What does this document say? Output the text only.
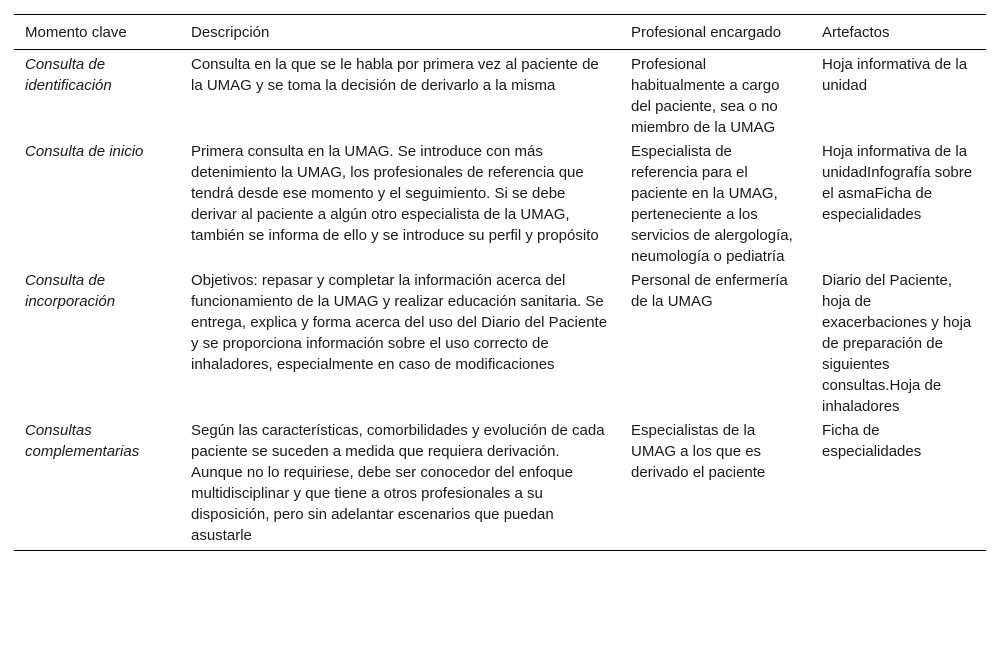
Momento clave	Descripción	Profesional encargado	Artefactos
Consulta de identificación	Consulta en la que se le habla por primera vez al paciente de la UMAG y se toma la decisión de derivarlo a la misma	Profesional habitualmente a cargo del paciente, sea o no miembro de la UMAG	Hoja informativa de la unidad
Consulta de inicio	Primera consulta en la UMAG. Se introduce con más detenimiento la UMAG, los profesionales de referencia que tendrá desde ese momento y el seguimiento. Si se debe derivar al paciente a algún otro especialista de la UMAG, también se informa de ello y se introduce su perfil y propósito	Especialista de referencia para el paciente en la UMAG, perteneciente a los servicios de alergología, neumología o pediatría	Hoja informativa de la unidadInfografía sobre el asmaFicha de especialidades
Consulta de incorporación	Objetivos: repasar y completar la información acerca del funcionamiento de la UMAG y realizar educación sanitaria. Se entrega, explica y forma acerca del uso del Diario del Paciente y se proporciona información sobre el uso correcto de inhaladores, especialmente en caso de modificaciones	Personal de enfermería de la UMAG	Diario del Paciente, hoja de exacerbaciones y hoja de preparación de siguientes consultas.Hoja de inhaladores
Consultas complementarias	Según las características, comorbilidades y evolución de cada paciente se suceden a medida que requiera derivación. Aunque no lo requiriese, debe ser conocedor del enfoque multidisciplinar y que tiene a otros profesionales a su disposición, pero sin adelantar escenarios que puedan asustarle	Especialistas de la UMAG a los que es derivado el paciente	Ficha de especialidades
